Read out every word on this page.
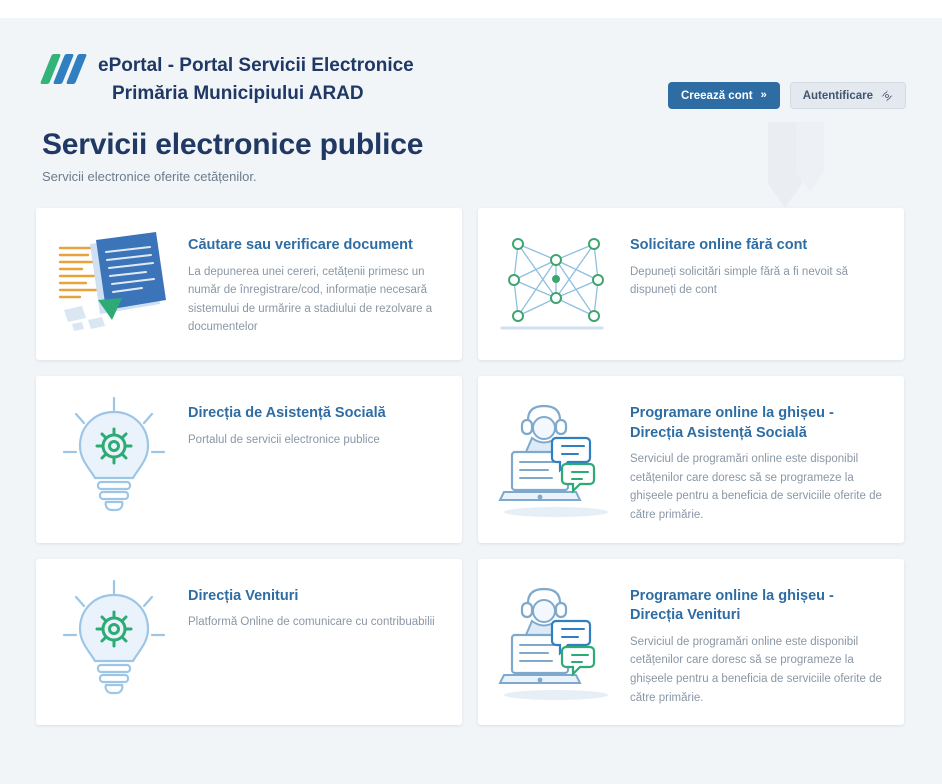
ePortal - Portal Servicii Electronice
Primăria Municipiului ARAD	Creează cont »	Autentificare
Servicii electronice publice
Servicii electronice oferite cetățenilor.
Căutare sau verificare document
La depunerea unei cereri, cetățenii primesc un număr de înregistrare/cod, informație necesară sistemului de urmărire a stadiului de rezolvare a documentelor
Solicitare online fără cont
Depuneți solicitări simple fără a fi nevoit să dispuneți de cont
Direcția de Asistență Socială
Portalul de servicii electronice publice
Programare online la ghișeu - Direcția Asistență Socială
Serviciul de programări online este disponibil cetățenilor care doresc să se programeze la ghișeele pentru a beneficia de serviciile oferite de către primărie.
Direcția Venituri
Platformă Online de comunicare cu contribuabilii
Programare online la ghișeu - Direcția Venituri
Serviciul de programări online este disponibil cetățenilor care doresc să se programeze la ghișeele pentru a beneficia de serviciile oferite de către primărie.
